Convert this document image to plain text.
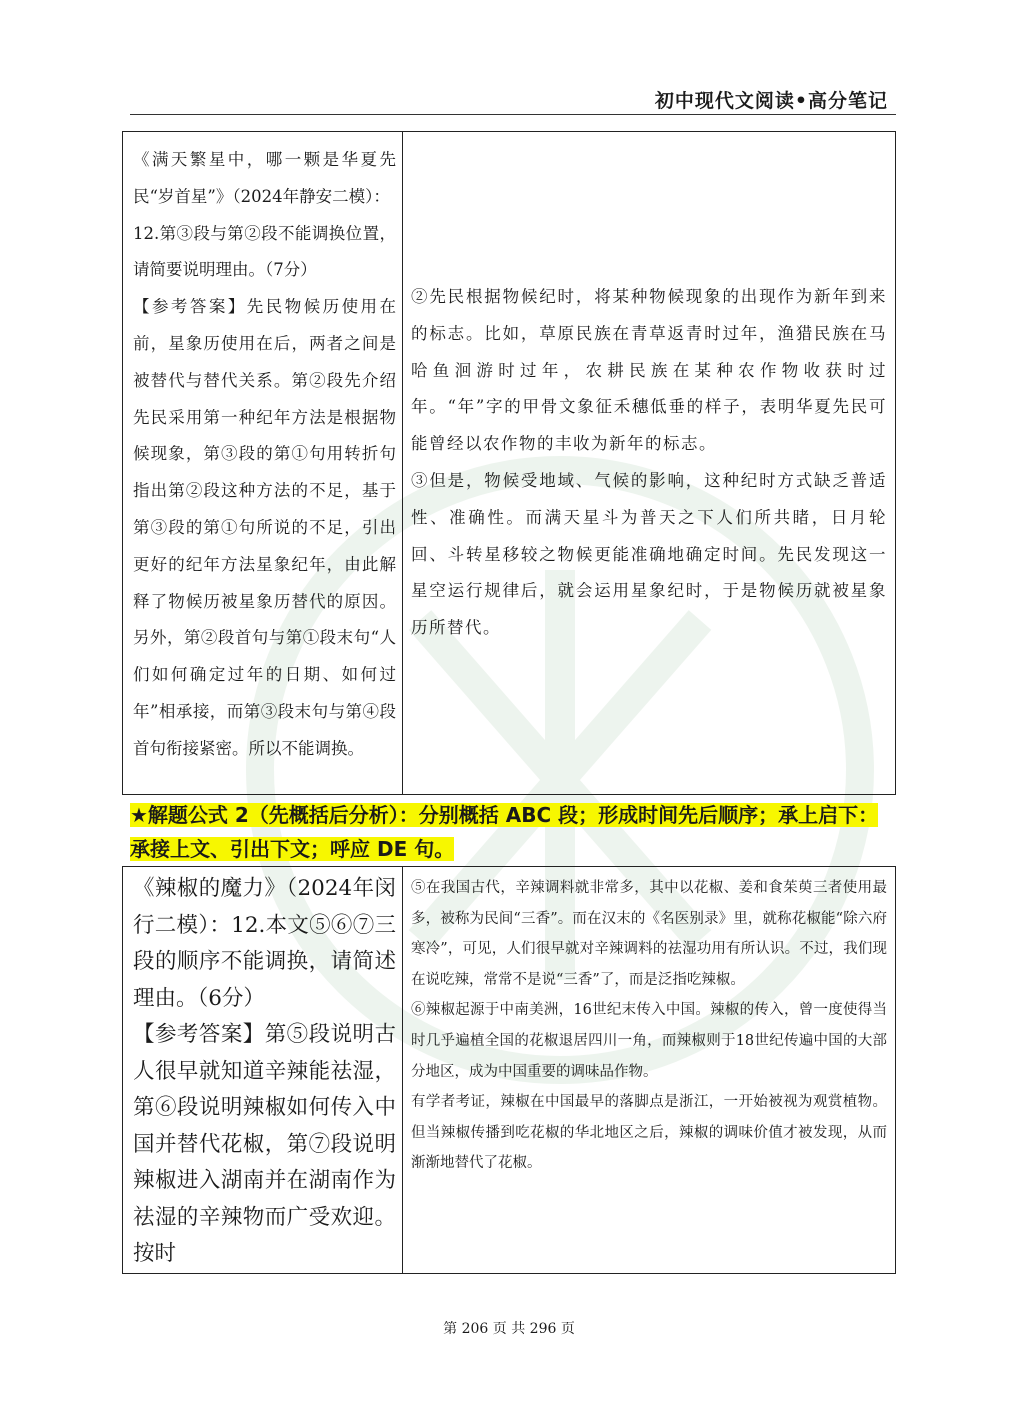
初中现代文阅读•高分笔记
《满天繁星中，哪一颗是华夏先民“岁首星”》（2024年静安二模）：
12.第③段与第②段不能调换位置，请简要说明理由。（7分）
【参考答案】先民物候历使用在前，星象历使用在后，两者之间是被替代与替代关系。第②段先介绍先民采用第一种纪年方法是根据物候现象，第③段的第①句用转折句指出第②段这种方法的不足，基于第③段的第①句所说的不足，引出更好的纪年方法星象纪年，由此解释了物候历被星象历替代的原因。另外，第②段首句与第①段末句“人们如何确定过年的日期、如何过年”相承接，而第③段末句与第④段首句衔接紧密。所以不能调换。

②先民根据物候纪时，将某种物候现象的出现作为新年到来的标志。比如，草原民族在青草返青时过年，渔猎民族在马哈鱼洄游时过年，农耕民族在某种农作物收获时过年。“年”字的甲骨文象征禾穗低垂的样子，表明华夏先民可能曾经以农作物的丰收为新年的标志。
③但是，物候受地域、气候的影响，这种纪时方式缺乏普适性、准确性。而满天星斗为普天之下人们所共睹，日月轮回、斗转星移较之物候更能准确地确定时间。先民发现这一星空运行规律后，就会运用星象纪时，于是物候历就被星象历所替代。
★解题公式 2（先概括后分析）：分别概括 ABC 段；形成时间先后顺序；承上启下：承接上文、引出下文；呼应 DE 句。
《辣椒的魔力》（2024年闵行二模）：12.本文⑤⑥⑦三段的顺序不能调换，请简述理由。（6分）
【参考答案】第⑤段说明古人很早就知道辛辣能祛湿，第⑥段说明辣椒如何传入中国并替代花椒，第⑦段说明辣椒进入湖南并在湖南作为祛湿的辛辣物而广受欢迎。按时

⑤在我国古代，辛辣调料就非常多，其中以花椒、姜和食茱萸三者使用最多，被称为民间“三香”。而在汉末的《名医别录》里，就称花椒能“除六府寒冷”，可见，人们很早就对辛辣调料的祛湿功用有所认识。不过，我们现在说吃辣，常常不是说“三香”了，而是泛指吃辣椒。
⑥辣椒起源于中南美洲，16世纪末传入中国。辣椒的传入，曾一度使得当时几乎遍植全国的花椒退居四川一角，而辣椒则于18世纪传遍中国的大部分地区，成为中国重要的调味品作物。
有学者考证，辣椒在中国最早的落脚点是浙江，一开始被视为观赏植物。但当辣椒传播到吃花椒的华北地区之后，辣椒的调味价值才被发现，从而渐渐地替代了花椒。
第 206 页 共 296 页
